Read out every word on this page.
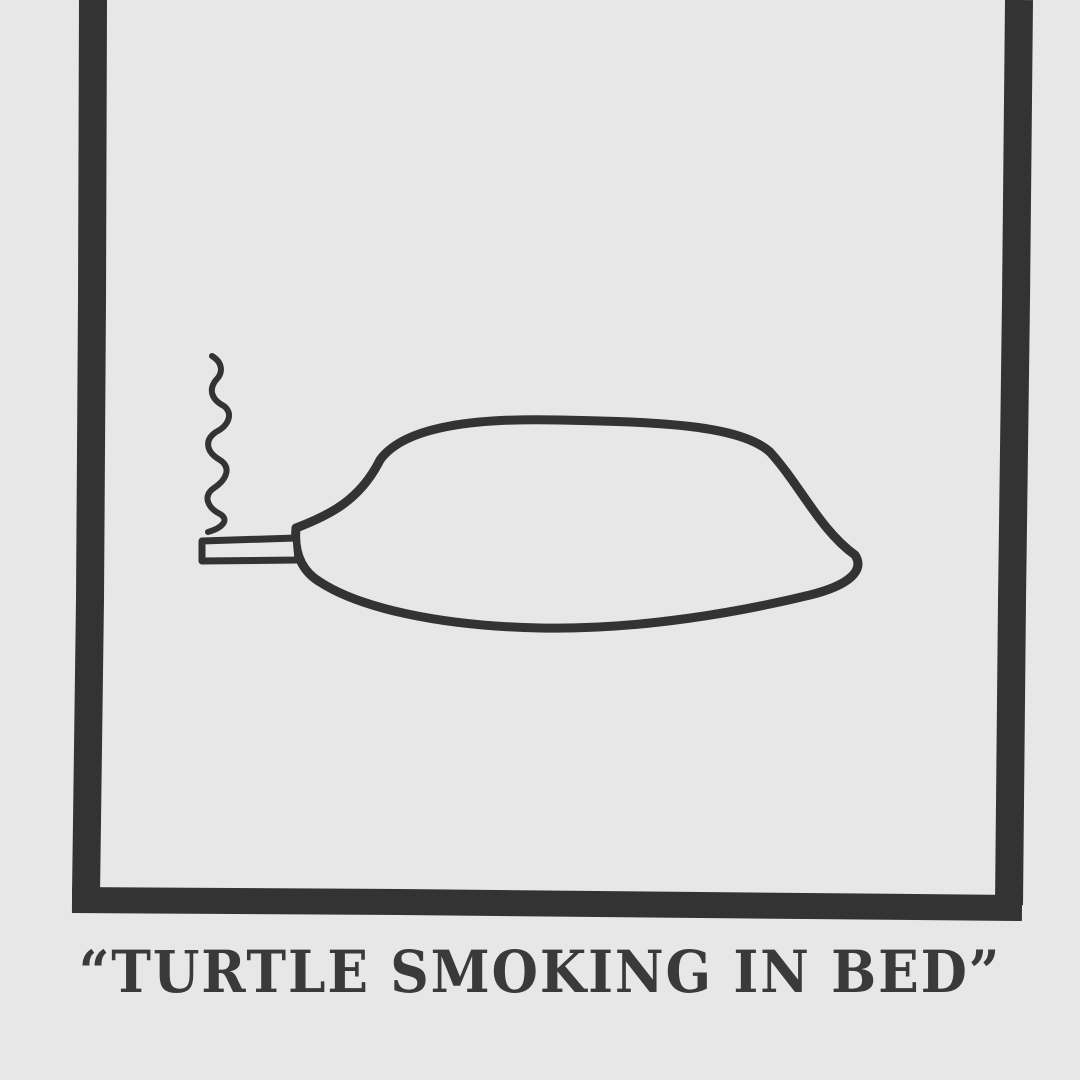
“TURTLE SMOKING IN BED”
